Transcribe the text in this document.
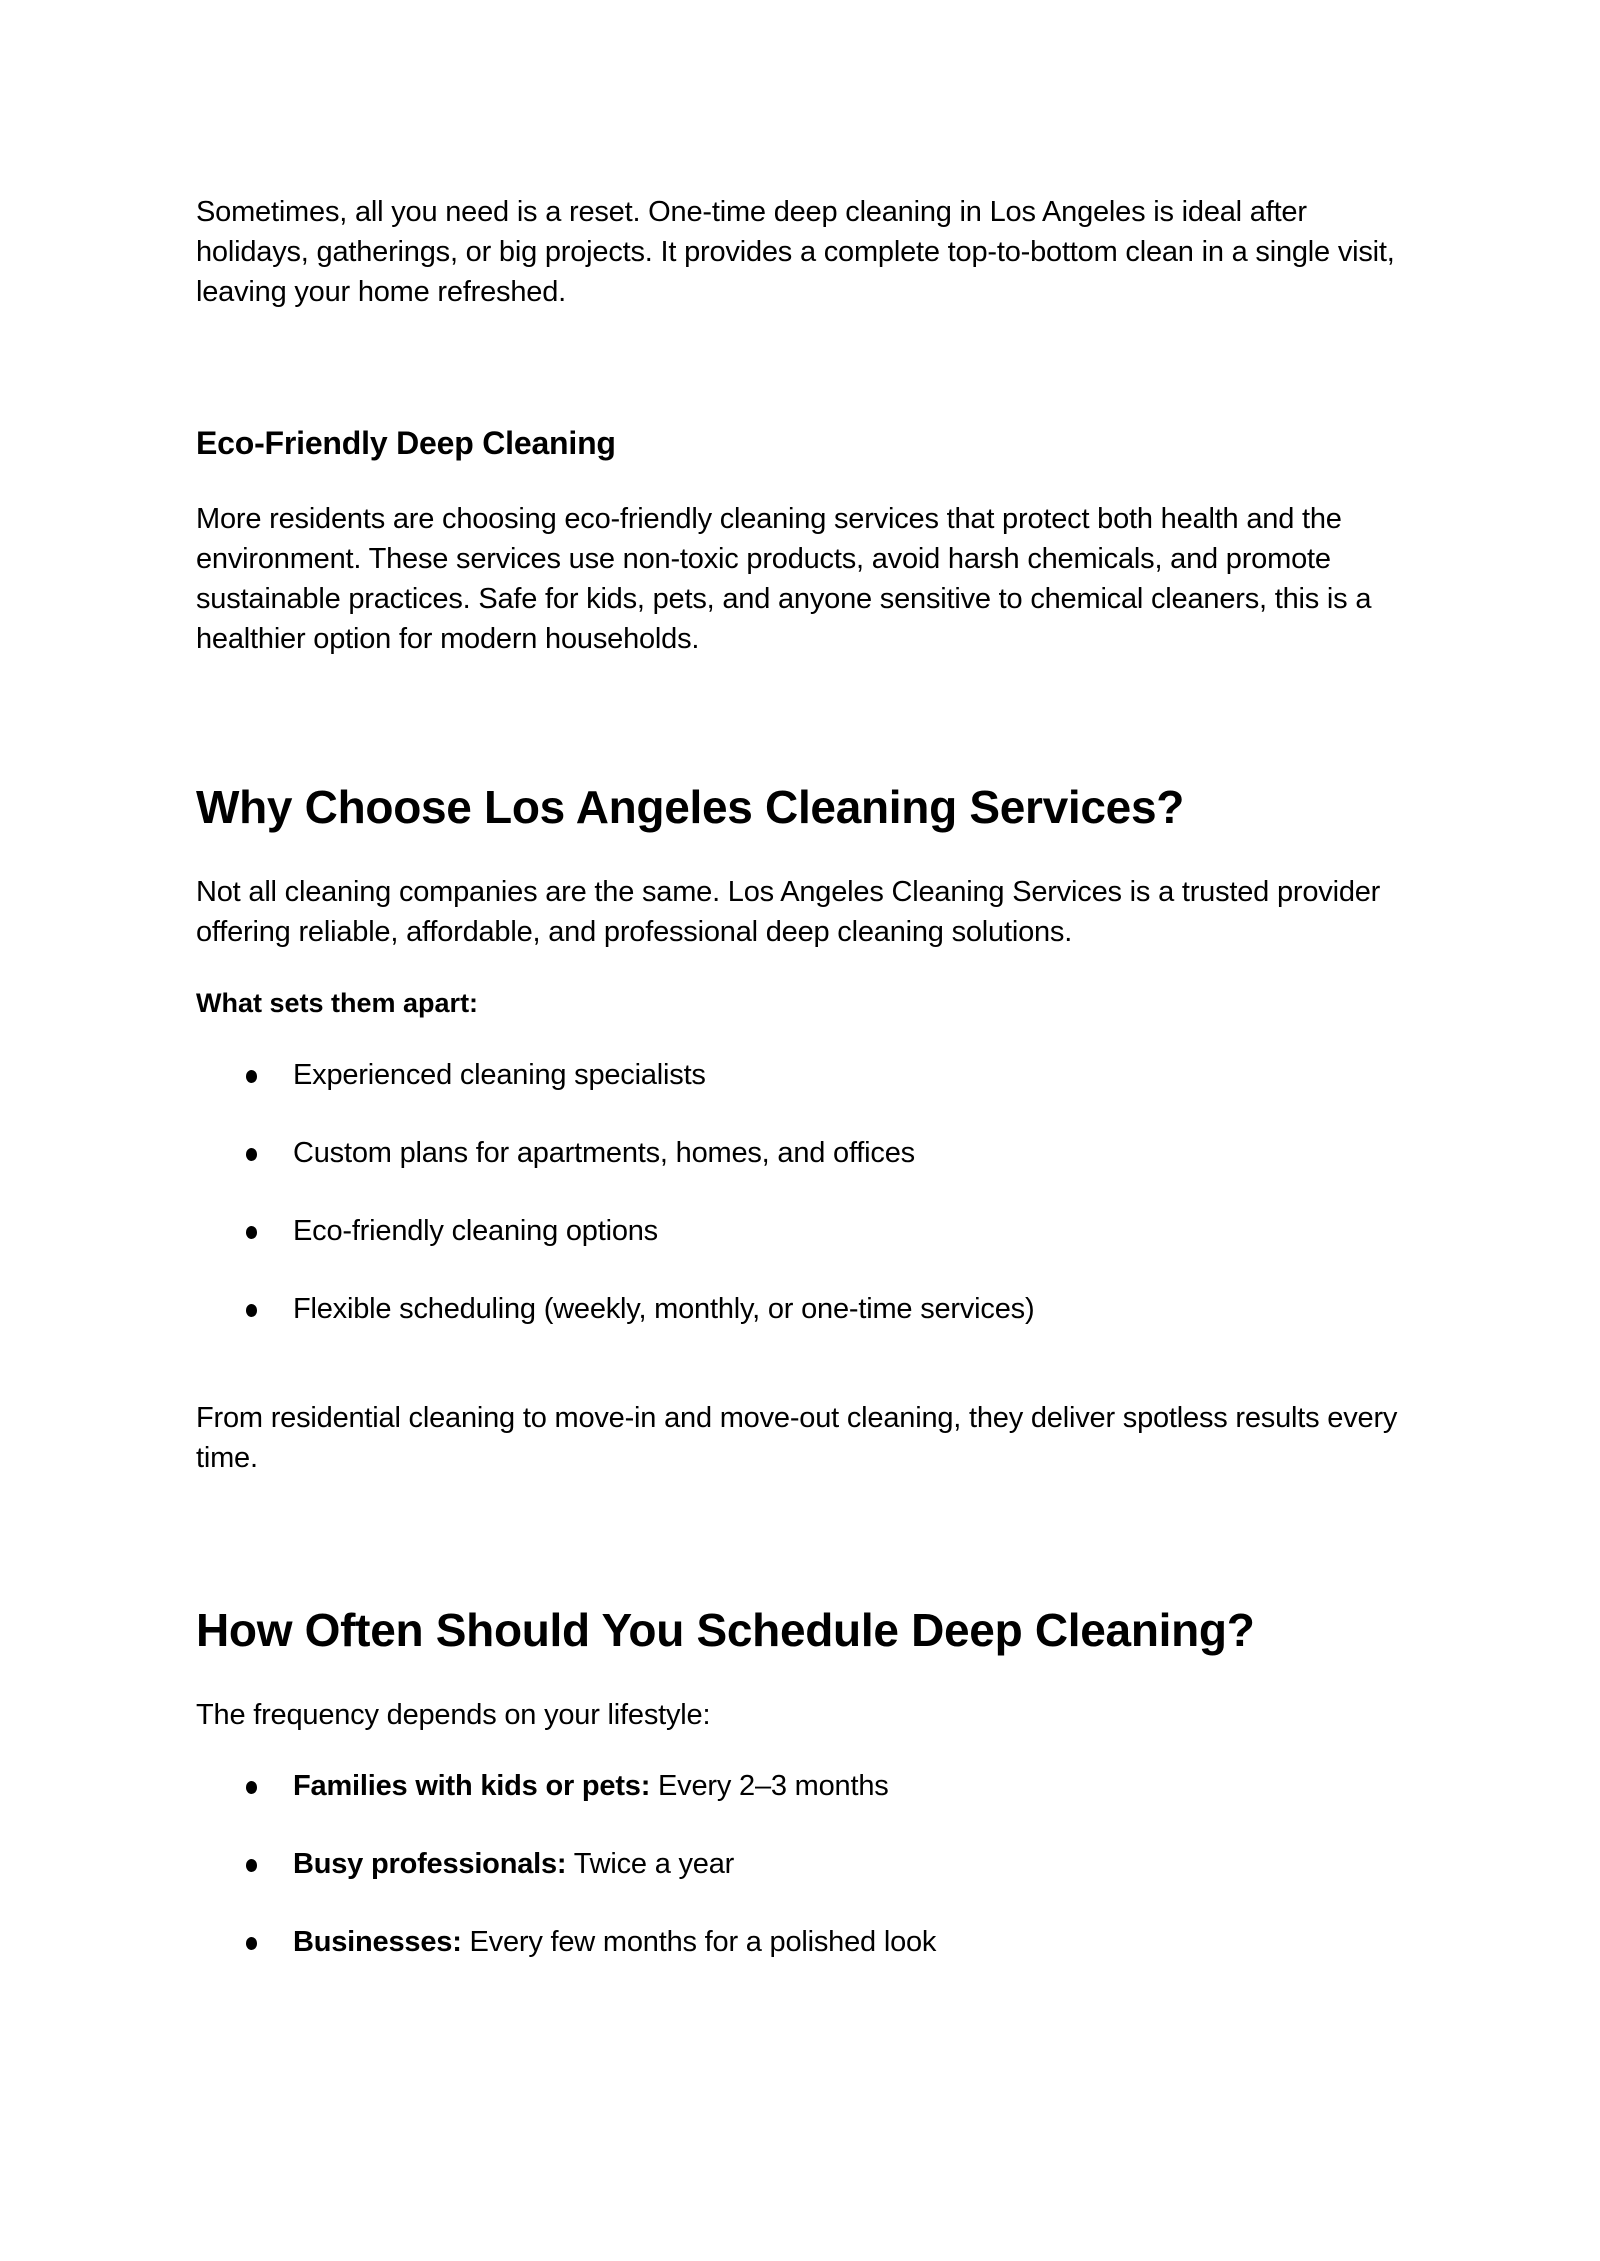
Sometimes, all you need is a reset. One-time deep cleaning in Los Angeles is ideal after holidays, gatherings, or big projects. It provides a complete top-to-bottom clean in a single visit, leaving your home refreshed.

Eco-Friendly Deep Cleaning

More residents are choosing eco-friendly cleaning services that protect both health and the environment. These services use non-toxic products, avoid harsh chemicals, and promote sustainable practices. Safe for kids, pets, and anyone sensitive to chemical cleaners, this is a healthier option for modern households.

Why Choose Los Angeles Cleaning Services?

Not all cleaning companies are the same. Los Angeles Cleaning Services is a trusted provider offering reliable, affordable, and professional deep cleaning solutions.

What sets them apart:
Experienced cleaning specialists
Custom plans for apartments, homes, and offices
Eco-friendly cleaning options
Flexible scheduling (weekly, monthly, or one-time services)

From residential cleaning to move-in and move-out cleaning, they deliver spotless results every time.

How Often Should You Schedule Deep Cleaning?

The frequency depends on your lifestyle:

Families with kids or pets: Every 2–3 months
Busy professionals: Twice a year
Businesses: Every few months for a polished look
